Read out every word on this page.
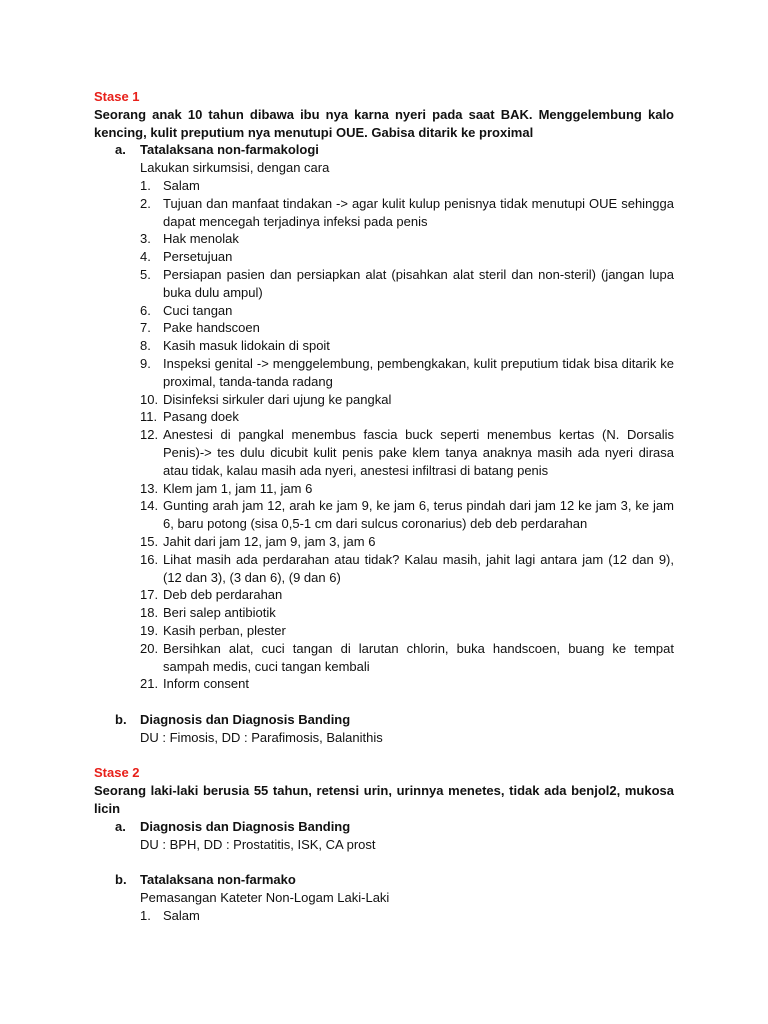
Stase 1
Seorang anak 10 tahun dibawa ibu nya karna nyeri pada saat BAK. Menggelembung kalo kencing, kulit preputium nya menutupi OUE. Gabisa ditarik ke proximal
a. Tatalaksana non-farmakologi
Lakukan sirkumsisi, dengan cara
1. Salam
2. Tujuan dan manfaat tindakan -> agar kulit kulup penisnya tidak menutupi OUE sehingga dapat mencegah terjadinya infeksi pada penis
3. Hak menolak
4. Persetujuan
5. Persiapan pasien dan persiapkan alat (pisahkan alat steril dan non-steril) (jangan lupa buka dulu ampul)
6. Cuci tangan
7. Pake handscoen
8. Kasih masuk lidokain di spoit
9. Inspeksi genital -> menggelembung, pembengkakan, kulit preputium tidak bisa ditarik ke proximal, tanda-tanda radang
10. Disinfeksi sirkuler dari ujung ke pangkal
11. Pasang doek
12. Anestesi di pangkal menembus fascia buck seperti menembus kertas (N. Dorsalis Penis)-> tes dulu dicubit kulit penis pake klem tanya anaknya masih ada nyeri dirasa atau tidak, kalau masih ada nyeri, anestesi infiltrasi di batang penis
13. Klem jam 1, jam 11, jam 6
14. Gunting arah jam 12, arah ke jam 9, ke jam 6, terus pindah dari jam 12 ke jam 3, ke jam 6, baru potong (sisa 0,5-1 cm dari sulcus coronarius) deb deb perdarahan
15. Jahit dari jam 12, jam 9, jam 3, jam 6
16. Lihat masih ada perdarahan atau tidak? Kalau masih, jahit lagi antara jam (12 dan 9), (12 dan 3), (3 dan 6), (9 dan 6)
17. Deb deb perdarahan
18. Beri salep antibiotik
19. Kasih perban, plester
20. Bersihkan alat, cuci tangan di larutan chlorin, buka handscoen, buang ke tempat sampah medis, cuci tangan kembali
21. Inform consent
b. Diagnosis dan Diagnosis Banding
DU : Fimosis, DD : Parafimosis, Balanithis
Stase 2
Seorang laki-laki berusia 55 tahun, retensi urin, urinnya menetes, tidak ada benjol2, mukosa licin
a. Diagnosis dan Diagnosis Banding
DU : BPH, DD : Prostatitis, ISK, CA prost
b. Tatalaksana non-farmako
Pemasangan Kateter Non-Logam Laki-Laki
1. Salam
